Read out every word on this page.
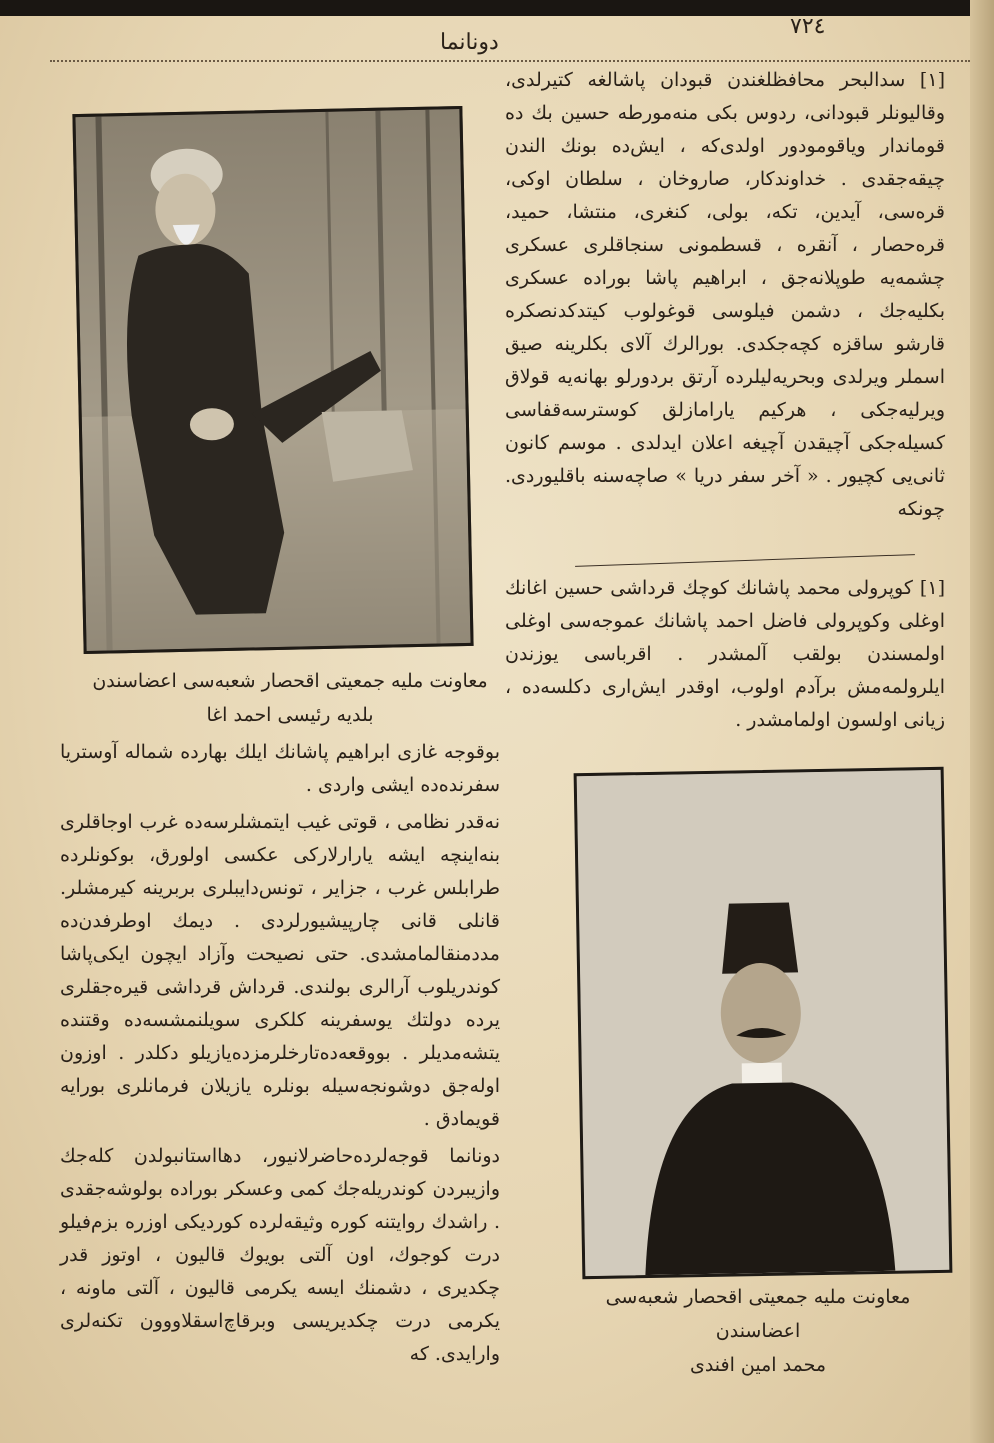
٧٢٤
دونانما

[١] سدالبحر محافظلغندن قبودان پاشالغه کتیرلدی، وقالیونلر قبودانی، ردوس بکی منه‌مورطه حسین بك ده قوماندار ویاقومودور اولدی‌که ، ایش‌ده بونك الندن چیقه‌جقدی . خداوندکار، صاروخان ، سلطان اوکی، قره‌سی، آیدین، تکه، بولی، کنغری، منتشا، حمید، قره‌حصار ، آنقره ، قسطمونی سنجاقلری عسکری چشمه‌یه طوپلانه‌جق ، ابراهیم پاشا بوراده عسکری بکلیه‌جك ، دشمن فیلوسی قوغولوب کیتدکدنصکره قارشو ساقزه کچه‌جکدی. بورالرك آلای بکلرینه صیق اسملر ویرلدی وبحریه‌لیلرده آرتق بردورلو بهانه‌یه قولاق ویرلیه‌جکی ، هرکیم یارامازلق کوسترسه‌قفاسی کسیله‌جکی آچیقدن آچیغه اعلان ایدلدی . موسم کانون ثانی‌یی کچیور . « آخر سفر دریا » صاچه‌سنه باقلیوردی. چونکه

[١] کوپرولی محمد پاشانك کوچك قرداشی حسین اغانك اوغلی وکوپرولی فاضل احمد پاشانك عموجه‌سی اوغلی اولمسندن بولقب آلمشدر . اقرباسی یوزندن ایلرولمه‌مش برآدم اولوب، اوقدر ایش‌اری دکلسه‌ده ، زیانی اولسون اولمامشدر .

معاونت ملیه جمعیتی اقحصار شعبه‌سی اعضاسندن
بلدیه رئیسی احمد اغا

بوقوجه غازی ابراهیم پاشانك ایلك بهارده شماله آوستریا سفرنده‌ده ایشی واردی .

نه‌قدر نظامی ، قوتی غیب ایتمشلرسه‌ده غرب اوجاقلری بنه‌اینچه ایشه یارارلارکی عکسی اولورق، بوکونلرده طرابلس غرب ، جزایر ، تونس‌دایبلری بربرینه کیرمشلر. قانلی قانی چارپیشیورلردی . دیمك اوطرفدن‌ده مددمنقالمامشدی. حتی نصیحت وآزاد ایچون ایکی‌پاشا کوندریلوب آرالری بولندی. قرداش قرداشی قیره‌جقلری یرده دولتك یوسفرینه کلکری سویلنمشسه‌ده وقتنده یتشه‌مدیلر . بووقعه‌ده‌تارخلرمزده‌یازیلو دکلدر . اوزون اوله‌جق دوشونجه‌سیله بونلره یازیلان فرمانلری بورایه قویمادق .

دونانما قوجه‌لرده‌حاضرلانیور، دهااستانبولدن کله‌جك وازیبردن کوندریله‌جك کمی وعسکر بوراده بولوشه‌جقدی . راشدك روایتنه کوره وثیقه‌لرده کوردیکی اوزره بزم‌فیلو درت کوجوك، اون آلتی بویوك قالیون ، اوتوز قدر چکدیری ، دشمنك ایسه یکرمی قالیون ، آلتی ماونه ، یکرمی درت چکدیریسی وبرقاچ‌اسقلاووون تکنه‌لری وارایدی. که

معاونت ملیه جمعیتی اقحصار شعبه‌سی اعضاسندن
محمد امین افندی
